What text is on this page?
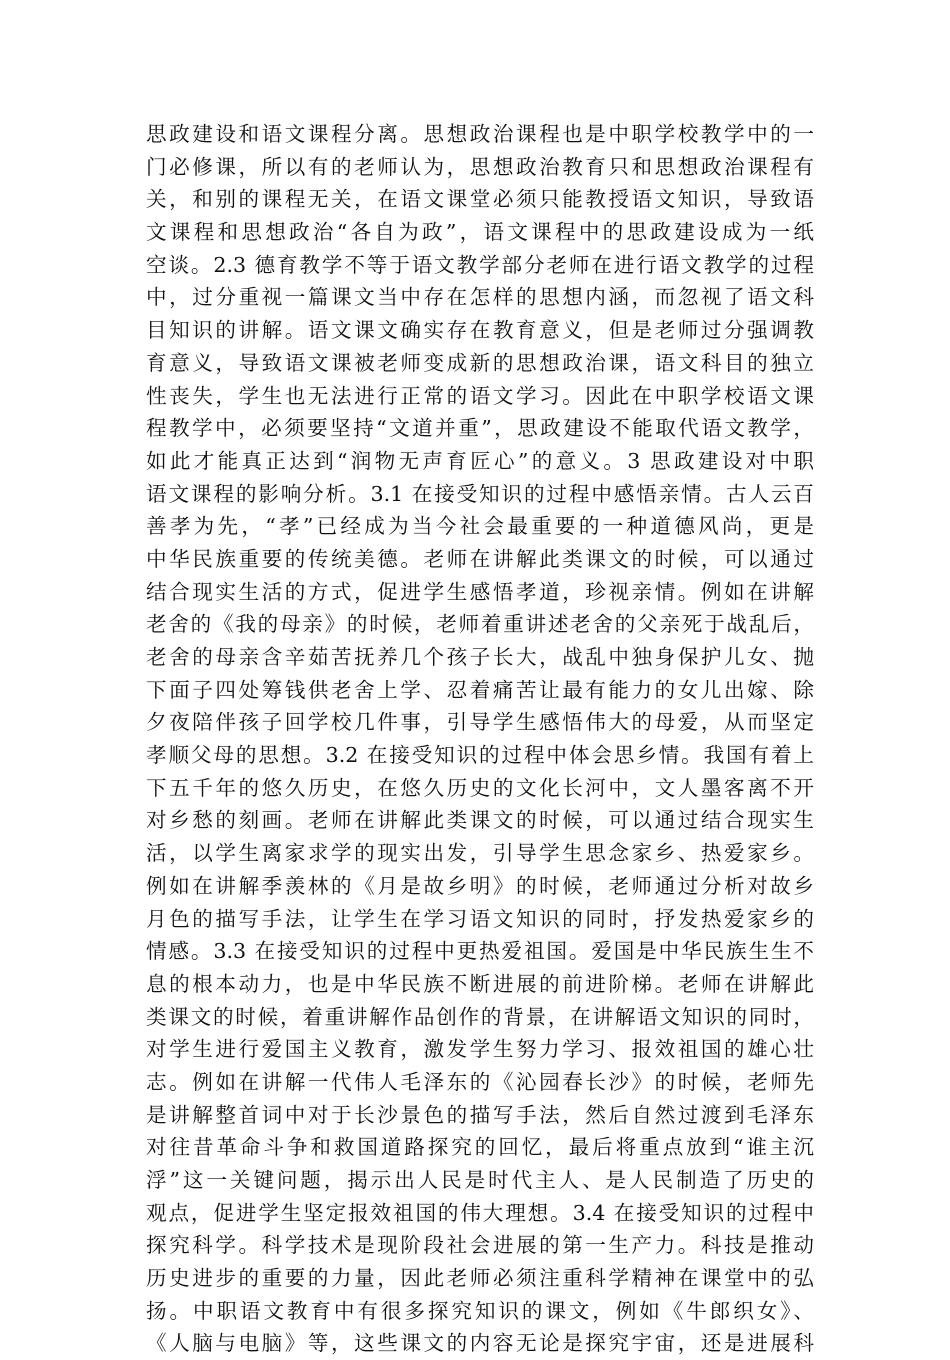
思政建设和语文课程分离。思想政治课程也是中职学校教学中的一
门必修课，所以有的老师认为，思想政治教育只和思想政治课程有
关，和别的课程无关，在语文课堂必须只能教授语文知识，导致语
文课程和思想政治“各自为政”，语文课程中的思政建设成为一纸
空谈。2.3 德育教学不等于语文教学部分老师在进行语文教学的过程
中，过分重视一篇课文当中存在怎样的思想内涵，而忽视了语文科
目知识的讲解。语文课文确实存在教育意义，但是老师过分强调教
育意义，导致语文课被老师变成新的思想政治课，语文科目的独立
性丧失，学生也无法进行正常的语文学习。因此在中职学校语文课
程教学中，必须要坚持“文道并重”，思政建设不能取代语文教学，
如此才能真正达到“润物无声育匠心”的意义。3 思政建设对中职
语文课程的影响分析。3.1 在接受知识的过程中感悟亲情。古人云百
善孝为先，“孝”已经成为当今社会最重要的一种道德风尚，更是
中华民族重要的传统美德。老师在讲解此类课文的时候，可以通过
结合现实生活的方式，促进学生感悟孝道，珍视亲情。例如在讲解
老舍的《我的母亲》的时候，老师着重讲述老舍的父亲死于战乱后，
老舍的母亲含辛茹苦抚养几个孩子长大，战乱中独身保护儿女、抛
下面子四处筹钱供老舍上学、忍着痛苦让最有能力的女儿出嫁、除
夕夜陪伴孩子回学校几件事，引导学生感悟伟大的母爱，从而坚定
孝顺父母的思想。3.2 在接受知识的过程中体会思乡情。我国有着上
下五千年的悠久历史，在悠久历史的文化长河中，文人墨客离不开
对乡愁的刻画。老师在讲解此类课文的时候，可以通过结合现实生
活，以学生离家求学的现实出发，引导学生思念家乡、热爱家乡。
例如在讲解季羡林的《月是故乡明》的时候，老师通过分析对故乡
月色的描写手法，让学生在学习语文知识的同时，抒发热爱家乡的
情感。3.3 在接受知识的过程中更热爱祖国。爱国是中华民族生生不
息的根本动力，也是中华民族不断进展的前进阶梯。老师在讲解此
类课文的时候，着重讲解作品创作的背景，在讲解语文知识的同时，
对学生进行爱国主义教育，激发学生努力学习、报效祖国的雄心壮
志。例如在讲解一代伟人毛泽东的《沁园春长沙》的时候，老师先
是讲解整首词中对于长沙景色的描写手法，然后自然过渡到毛泽东
对往昔革命斗争和救国道路探究的回忆，最后将重点放到“谁主沉
浮”这一关键问题，揭示出人民是时代主人、是人民制造了历史的
观点，促进学生坚定报效祖国的伟大理想。3.4 在接受知识的过程中
探究科学。科学技术是现阶段社会进展的第一生产力。科技是推动
历史进步的重要的力量，因此老师必须注重科学精神在课堂中的弘
扬。中职语文教育中有很多探究知识的课文，例如《牛郎织女》、
《人脑与电脑》等，这些课文的内容无论是探究宇宙，还是进展科
